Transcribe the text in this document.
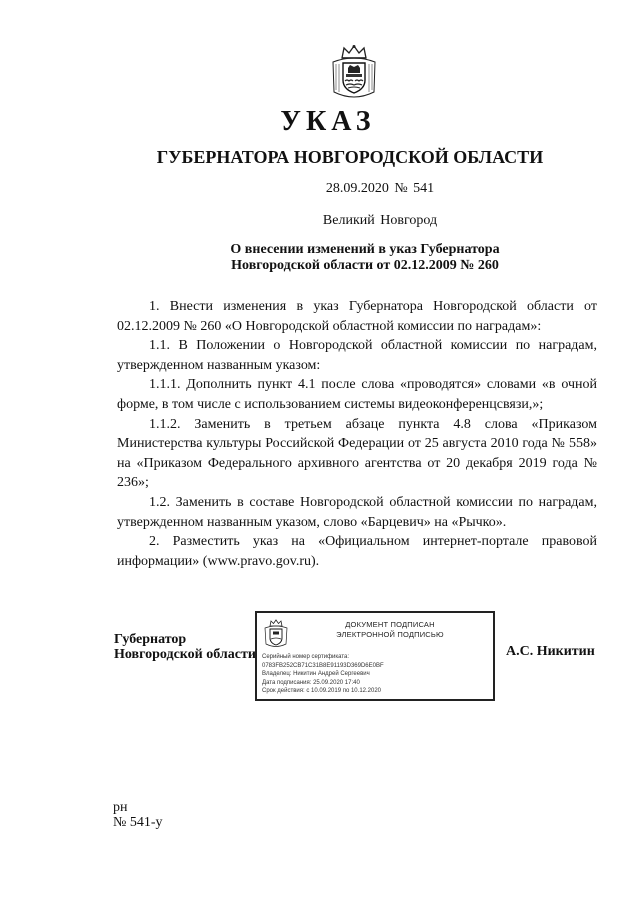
УКАЗ
ГУБЕРНАТОРА НОВГОРОДСКОЙ ОБЛАСТИ
28.09.2020 № 541
Великий Новгород
О внесении изменений в указ Губернатора
Новгородской области от 02.12.2009 № 260

1. Внести изменения в указ Губернатора Новгородской области от 02.12.2009 № 260 «О Новгородской областной комиссии по наградам»:

1.1. В Положении о Новгородской областной комиссии по наградам, утвержденном названным указом:

1.1.1. Дополнить пункт 4.1 после слова «проводятся» словами «в очной форме, в том числе с использованием системы видеоконференцсвязи,»;

1.1.2. Заменить в третьем абзаце пункта 4.8 слова «Приказом Министерства культуры Российской Федерации от 25 августа 2010 года № 558» на «Приказом Федерального архивного агентства от 20 декабря 2019 года № 236»;

1.2. Заменить в составе Новгородской областной комиссии по наградам, утвержденном названным указом, слово «Барцевич» на «Рычко».

2. Разместить указ на «Официальном интернет-портале правовой информации» (www.pravo.gov.ru).

Губернатор
Новгородской области
ДОКУМЕНТ ПОДПИСАН
ЭЛЕКТРОННОЙ ПОДПИСЬЮ
Серийный номер сертификата:
0783FB252CB71C31B8E91193D369D6E0BF
Владелец: Никитин Андрей Сергеевич
Дата подписания: 25.09.2020 17:40
Срок действия: с 10.09.2019 по 10.12.2020
А.С. Никитин
рн
№ 541-у
